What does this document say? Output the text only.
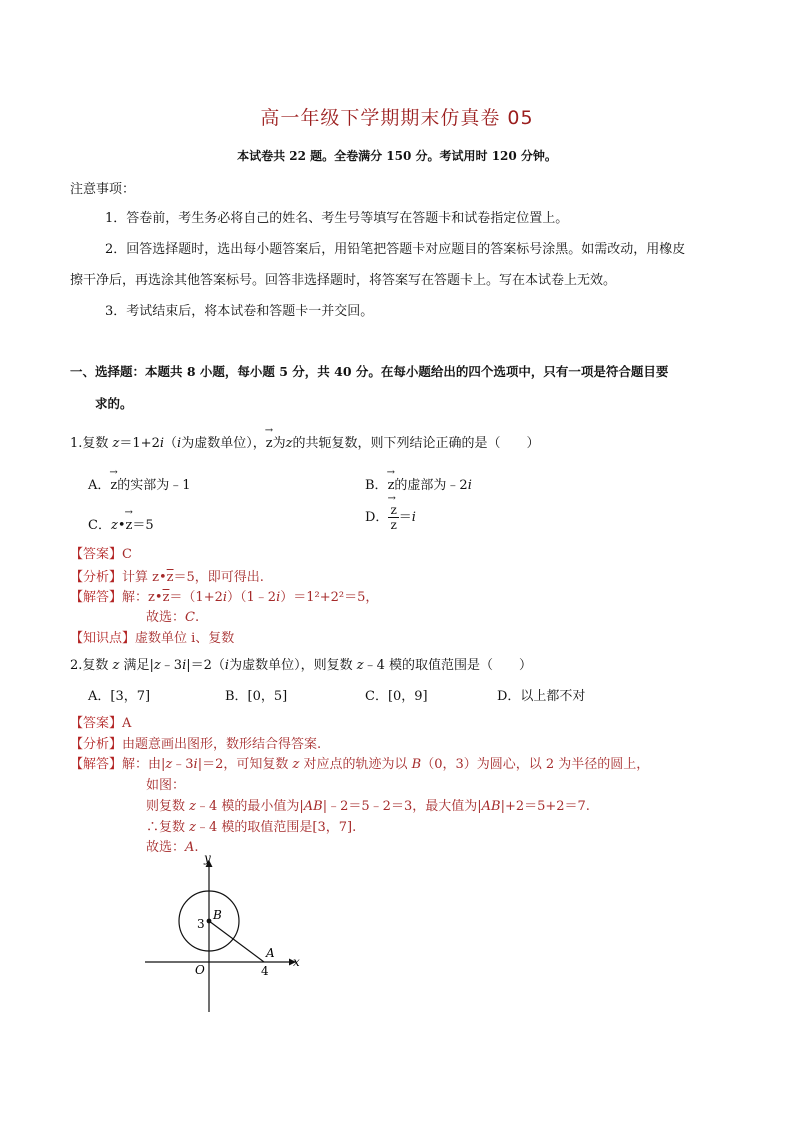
高一年级下学期期末仿真卷 05
本试卷共 22 题。全卷满分 150 分。考试用时 120 分钟。
注意事项：
1．答卷前，考生务必将自己的姓名、考生号等填写在答题卡和试卷指定位置上。
2．回答选择题时，选出每小题答案后，用铅笔把答题卡对应题目的答案标号涂黑。如需改动，用橡皮
擦干净后，再选涂其他答案标号。回答非选择题时，将答案写在答题卡上。写在本试卷上无效。
3．考试结束后，将本试卷和答题卡一并交回。
一、选择题：本题共 8 小题，每小题 5 分，共 40 分。在每小题给出的四个选项中，只有一项是符合题目要
求的。
1.复数 z＝1+2i（i为虚数单位），→ z为z的共轭复数，则下列结论正确的是（　　）
A．→ z的实部为﹣1	B．→ z的虚部为﹣2i
C．z•→ z＝5
D． → $\frac{z}{z} =i$
【答案】C
【分析】计算 $z•\overline{z}=5$，即可得出.
【解答】解：$z•\overline{z}=(1+2i)(1﹣2i)=1^2+2^2=5$，
故选：C.
【知识点】虚数单位 i、复数
2.复数 z 满足|z﹣3i|＝2（i为虚数单位），则复数 z﹣4 模的取值范围是（　　）
A．[3，7]	B．[0，5]	C．[0，9]	D．以上都不对
【答案】A
【分析】由题意画出图形，数形结合得答案.
【解答】解：由|z﹣3i|＝2，可知复数 z 对应点的轨迹为以 B（0，3）为圆心，以 2 为半径的圆上，
如图：
则复数 z﹣4 模的最小值为|AB|﹣2＝5﹣2＝3，最大值为|AB|+2＝5+2＝7.
∴复数 z﹣4 模的取值范围是[3，7].
故选：A.
y
x
O
B
A
3
4
